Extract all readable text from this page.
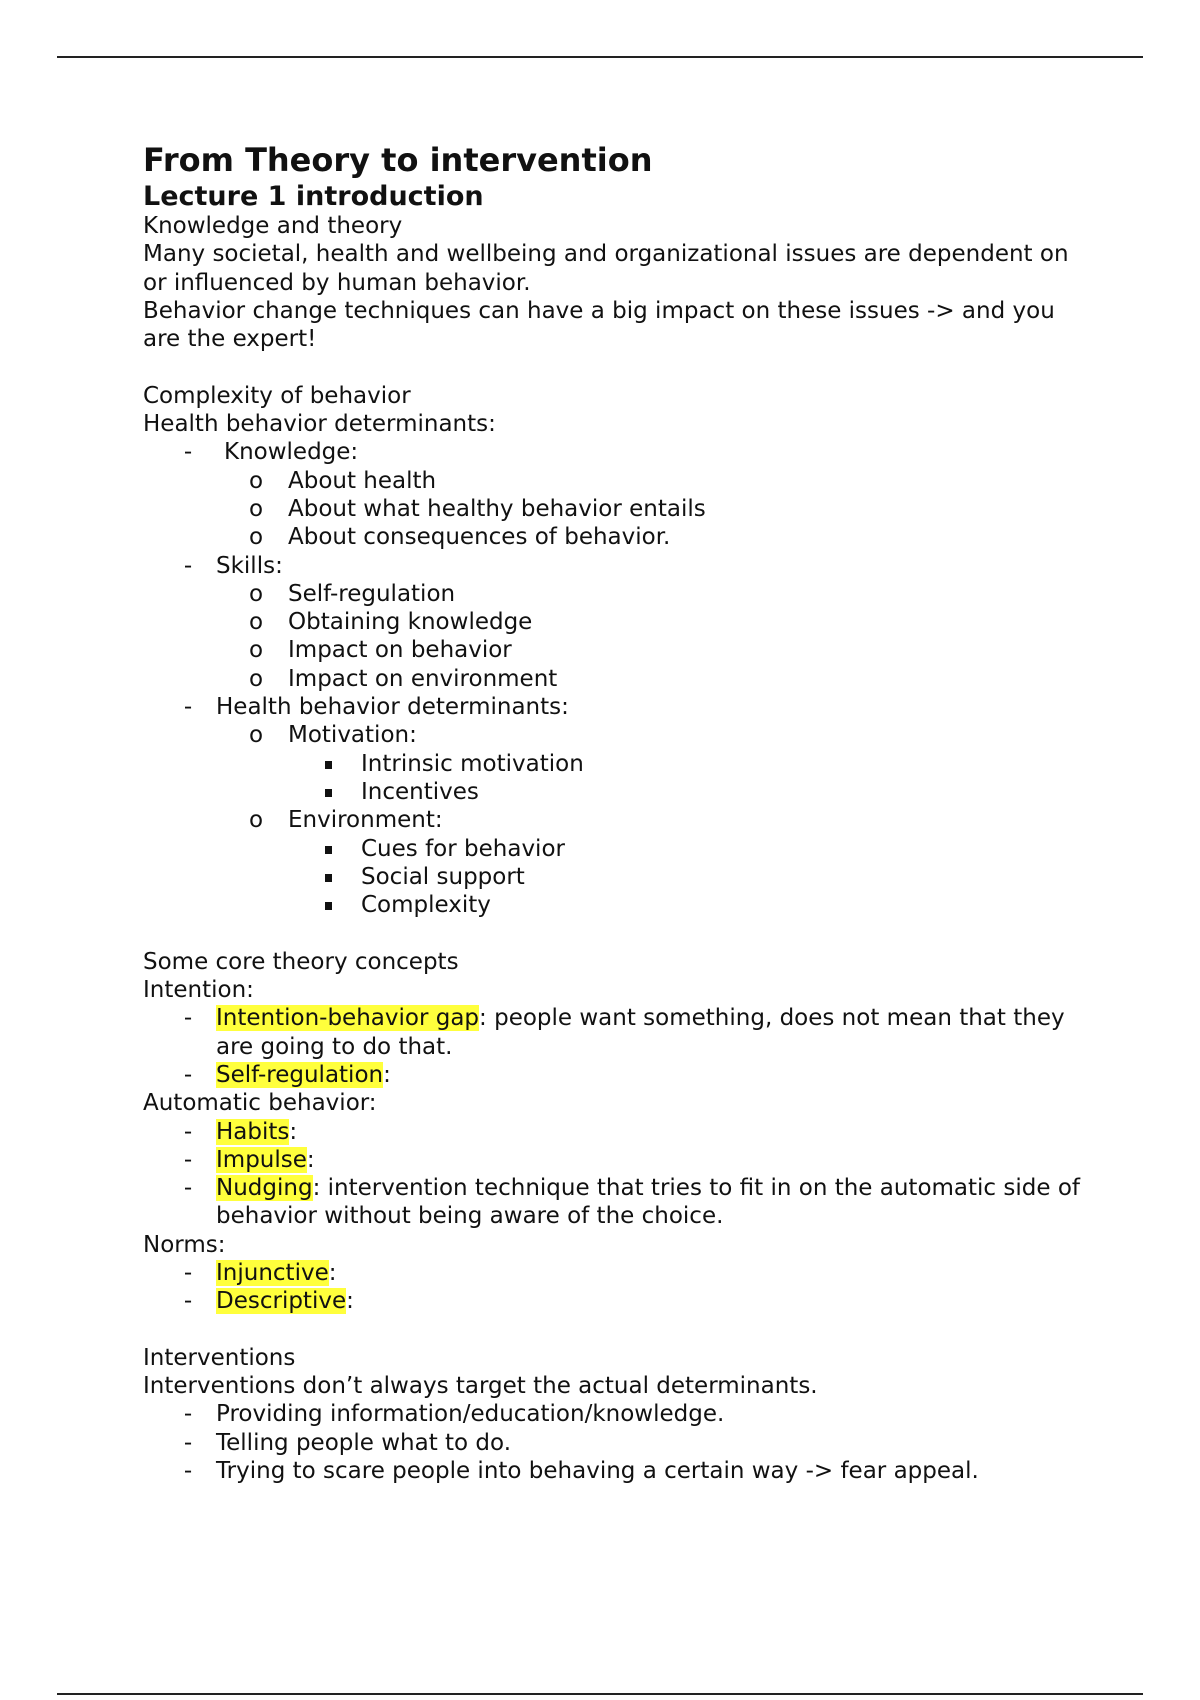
From Theory to intervention
Lecture 1 introduction

Knowledge and theory

Many societal, health and wellbeing and organizational issues are dependent on or influenced by human behavior.

Behavior change techniques can have a big impact on these issues -> and you are the expert!

Complexity of behavior

Health behavior determinants:

- Knowledge:
o About health
o About what healthy behavior entails
o About consequences of behavior.
- Skills:
o Self-regulation
o Obtaining knowledge
o Impact on behavior
o Impact on environment
- Health behavior determinants:
o Motivation:
Intrinsic motivation
Incentives
o Environment:
Cues for behavior
Social support
Complexity

Some core theory concepts

Intention:

- Intention-behavior gap: people want something, does not mean that they are going to do that.
- Self-regulation:

Automatic behavior:

- Habits:
- Impulse:
- Nudging: intervention technique that tries to fit in on the automatic side of behavior without being aware of the choice.

Norms:

- Injunctive:
- Descriptive:

Interventions

Interventions don’t always target the actual determinants.

- Providing information/education/knowledge.
- Telling people what to do.
- Trying to scare people into behaving a certain way -> fear appeal.
